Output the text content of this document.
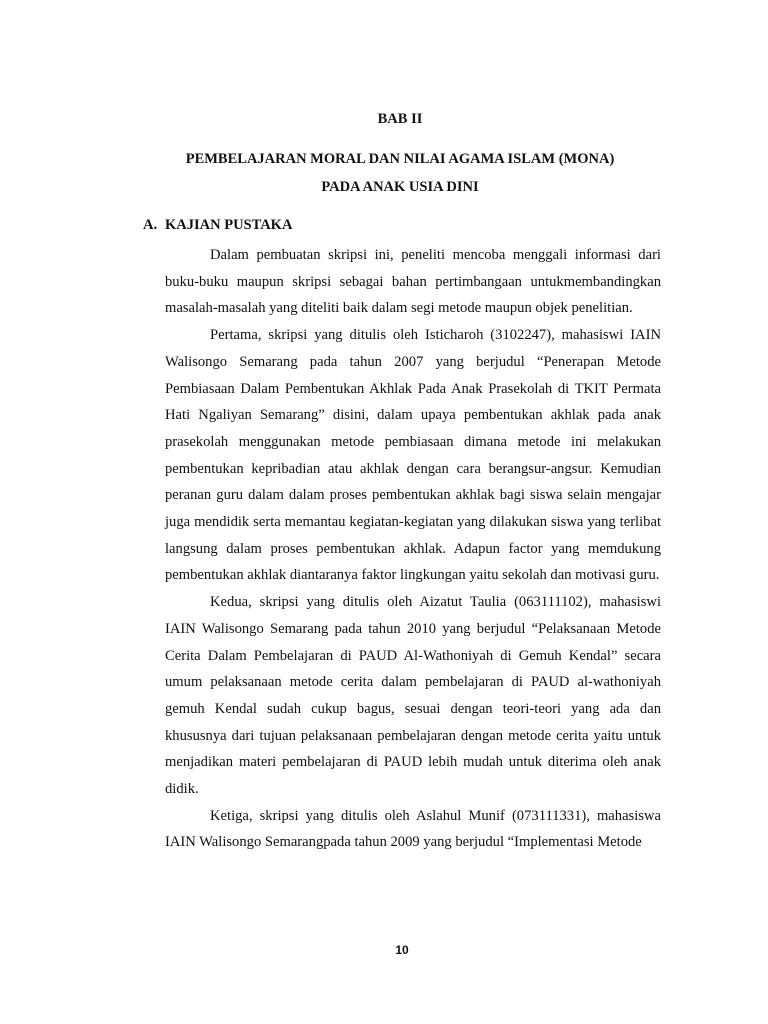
BAB II

PEMBELAJARAN MORAL DAN NILAI AGAMA ISLAM (MONA)

PADA ANAK USIA DINI

A. KAJIAN PUSTAKA

Dalam pembuatan skripsi ini, peneliti mencoba menggali informasi dari buku-buku maupun skripsi sebagai bahan pertimbangaan untukmembandingkan masalah-masalah yang diteliti baik dalam segi metode maupun objek penelitian.

Pertama, skripsi yang ditulis oleh Isticharoh (3102247), mahasiswi IAIN Walisongo Semarang pada tahun 2007 yang berjudul “Penerapan Metode Pembiasaan Dalam Pembentukan Akhlak Pada Anak Prasekolah di TKIT Permata Hati Ngaliyan Semarang” disini, dalam upaya pembentukan akhlak pada anak prasekolah menggunakan metode pembiasaan dimana metode ini melakukan pembentukan kepribadian atau akhlak dengan cara berangsur-angsur. Kemudian peranan guru dalam dalam proses pembentukan akhlak bagi siswa selain mengajar juga mendidik serta memantau kegiatan-kegiatan yang dilakukan siswa yang terlibat langsung dalam proses pembentukan akhlak. Adapun factor yang memdukung pembentukan akhlak diantaranya faktor lingkungan yaitu sekolah dan motivasi guru.

Kedua, skripsi yang ditulis oleh Aizatut Taulia (063111102), mahasiswi IAIN Walisongo Semarang pada tahun 2010 yang berjudul “Pelaksanaan Metode Cerita Dalam Pembelajaran di PAUD Al-Wathoniyah di Gemuh Kendal” secara umum pelaksanaan metode cerita dalam pembelajaran di PAUD al-wathoniyah gemuh Kendal sudah cukup bagus, sesuai dengan teori-teori yang ada dan khususnya dari tujuan pelaksanaan pembelajaran dengan metode cerita yaitu untuk menjadikan materi pembelajaran di PAUD lebih mudah untuk diterima oleh anak didik.

Ketiga, skripsi yang ditulis oleh Aslahul Munif (073111331), mahasiswa IAIN Walisongo Semarangpada tahun 2009 yang berjudul “Implementasi Metode

10
